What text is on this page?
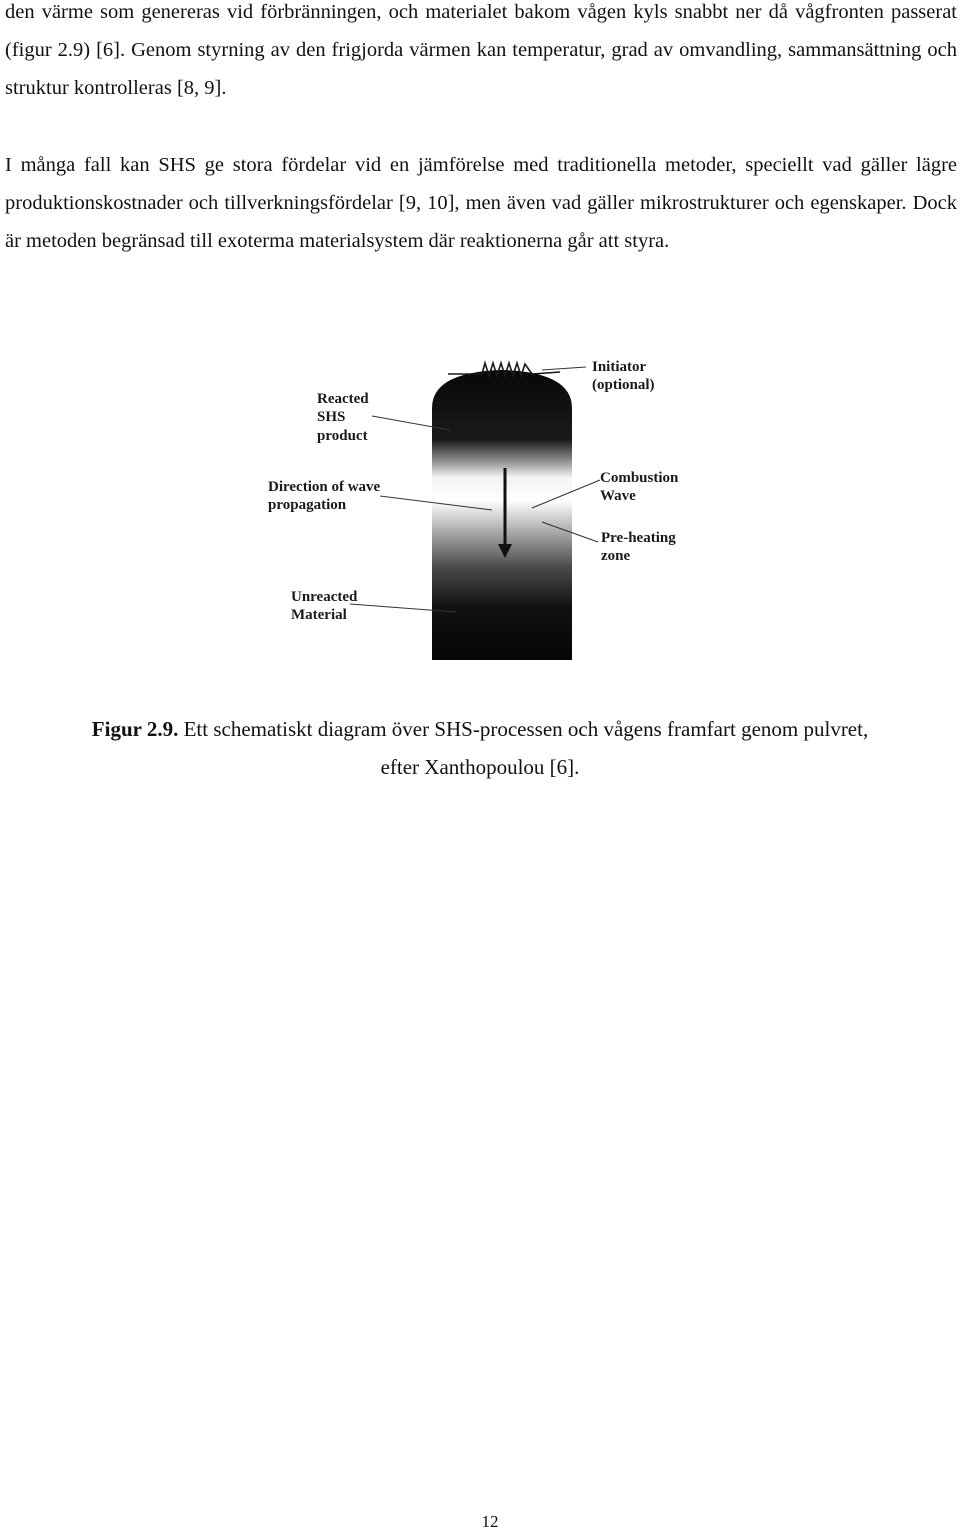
den värme som genereras vid förbränningen, och materialet bakom vågen kyls snabbt ner då vågfronten passerat (figur 2.9) [6]. Genom styrning av den frigjorda värmen kan temperatur, grad av omvandling, sammansättning och struktur kontrolleras [8, 9].

I många fall kan SHS ge stora fördelar vid en jämförelse med traditionella metoder, speciellt vad gäller lägre produktionskostnader och tillverkningsfördelar [9, 10], men även vad gäller mikrostrukturer och egenskaper. Dock är metoden begränsad till exoterma materialsystem där reaktionerna går att styra.

Initiator
(optional)
Reacted
SHS
product
Direction of wave
propagation
Combustion
Wave
Pre-heating
zone
Unreacted
Material
Figur 2.9. Ett schematiskt diagram över SHS-processen och vågens framfart genom pulvret,
efter Xanthopoulou [6].
12
